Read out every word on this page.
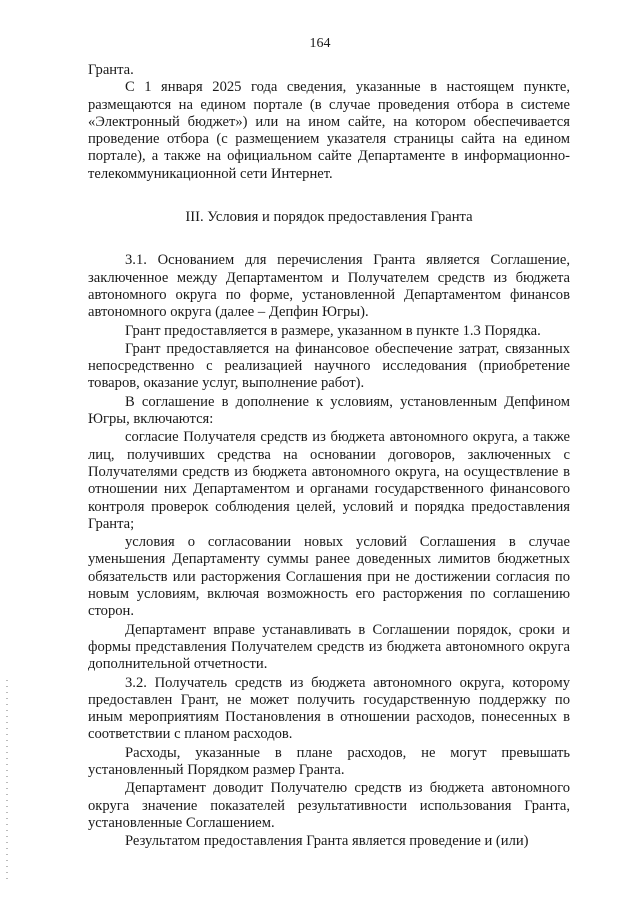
164

Гранта.

С 1 января 2025 года сведения, указанные в настоящем пункте, размещаются на едином портале (в случае проведения отбора в системе «Электронный бюджет») или на ином сайте, на котором обеспечивается проведение отбора (с размещением указателя страницы сайта на едином портале), а также на официальном сайте Департаменте в информационно-телекоммуникационной сети Интернет.

III. Условия и порядок предоставления Гранта

3.1. Основанием для перечисления Гранта является Соглашение, заключенное между Департаментом и Получателем средств из бюджета автономного округа по форме, установленной Департаментом финансов автономного округа (далее – Депфин Югры).

Грант предоставляется в размере, указанном в пункте 1.3 Порядка.

Грант предоставляется на финансовое обеспечение затрат, связанных непосредственно с реализацией научного исследования (приобретение товаров, оказание услуг, выполнение работ).

В соглашение в дополнение к условиям, установленным Депфином Югры, включаются:

согласие Получателя средств из бюджета автономного округа, а также лиц, получивших средства на основании договоров, заключенных с Получателями средств из бюджета автономного округа, на осуществление в отношении них Департаментом и органами государственного финансового контроля проверок соблюдения целей, условий и порядка предоставления Гранта;

условия о согласовании новых условий Соглашения в случае уменьшения Департаменту суммы ранее доведенных лимитов бюджетных обязательств или расторжения Соглашения при не достижении согласия по новым условиям, включая возможность его расторжения по соглашению сторон.

Департамент вправе устанавливать в Соглашении порядок, сроки и формы представления Получателем средств из бюджета автономного округа дополнительной отчетности.

3.2. Получатель средств из бюджета автономного округа, которому предоставлен Грант, не может получить государственную поддержку по иным мероприятиям Постановления в отношении расходов, понесенных в соответствии с планом расходов.

Расходы, указанные в плане расходов, не могут превышать установленный Порядком размер Гранта.

Департамент доводит Получателю средств из бюджета автономного округа значение показателей результативности использования Гранта, установленные Соглашением.

Результатом предоставления Гранта является проведение и (или)
